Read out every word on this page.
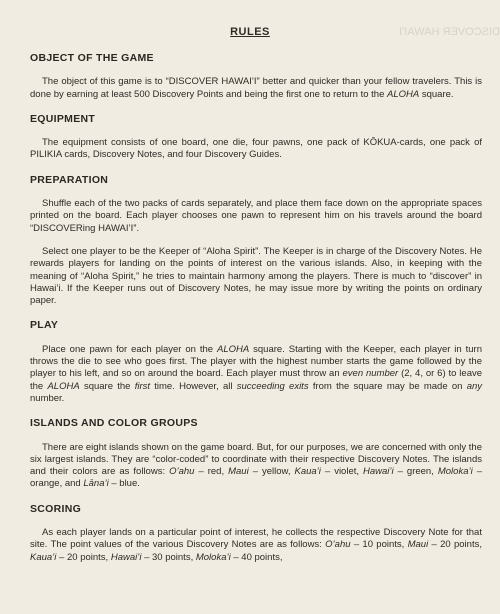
DISCOVER HAWAI'I
RULES
OBJECT OF THE GAME

The object of this game is to “DISCOVER HAWAI’I” better and quicker than your fellow travelers. This is done by earning at least 500 Discovery Points and being the first one to return to the ALOHA square.

EQUIPMENT

The equipment consists of one board, one die, four pawns, one pack of KŌKUA-cards, one pack of PILIKIA cards, Discovery Notes, and four Discovery Guides.

PREPARATION

Shuffle each of the two packs of cards separately, and place them face down on the appropriate spaces printed on the board. Each player chooses one pawn to represent him on his travels around the board “DISCOVERing HAWAI’I”.

Select one player to be the Keeper of “Aloha Spirit”. The Keeper is in charge of the Discovery Notes. He rewards players for landing on the points of interest on the various islands. Also, in keeping with the meaning of “Aloha Spirit,” he tries to maintain harmony among the players. There is much to “discover” in Hawai’i. If the Keeper runs out of Discovery Notes, he may issue more by writing the points on ordinary paper.

PLAY

Place one pawn for each player on the ALOHA square. Starting with the Keeper, each player in turn throws the die to see who goes first. The player with the highest number starts the game followed by the player to his left, and so on around the board. Each player must throw an even number (2, 4, or 6) to leave the ALOHA square the first time. However, all succeeding exits from the square may be made on any number.

ISLANDS AND COLOR GROUPS

There are eight islands shown on the game board. But, for our purposes, we are concerned with only the six largest islands. They are “color-coded” to coordinate with their respective Discovery Notes. The islands and their colors are as follows: O’ahu – red, Maui – yellow, Kaua’i – violet, Hawai’i – green, Moloka’i – orange, and Lāna’i – blue.

SCORING

As each player lands on a particular point of interest, he collects the respective Discovery Note for that site. The point values of the various Discovery Notes are as follows: O’ahu – 10 points, Maui – 20 points, Kaua’i – 20 points, Hawai’i – 30 points, Moloka’i – 40 points,
